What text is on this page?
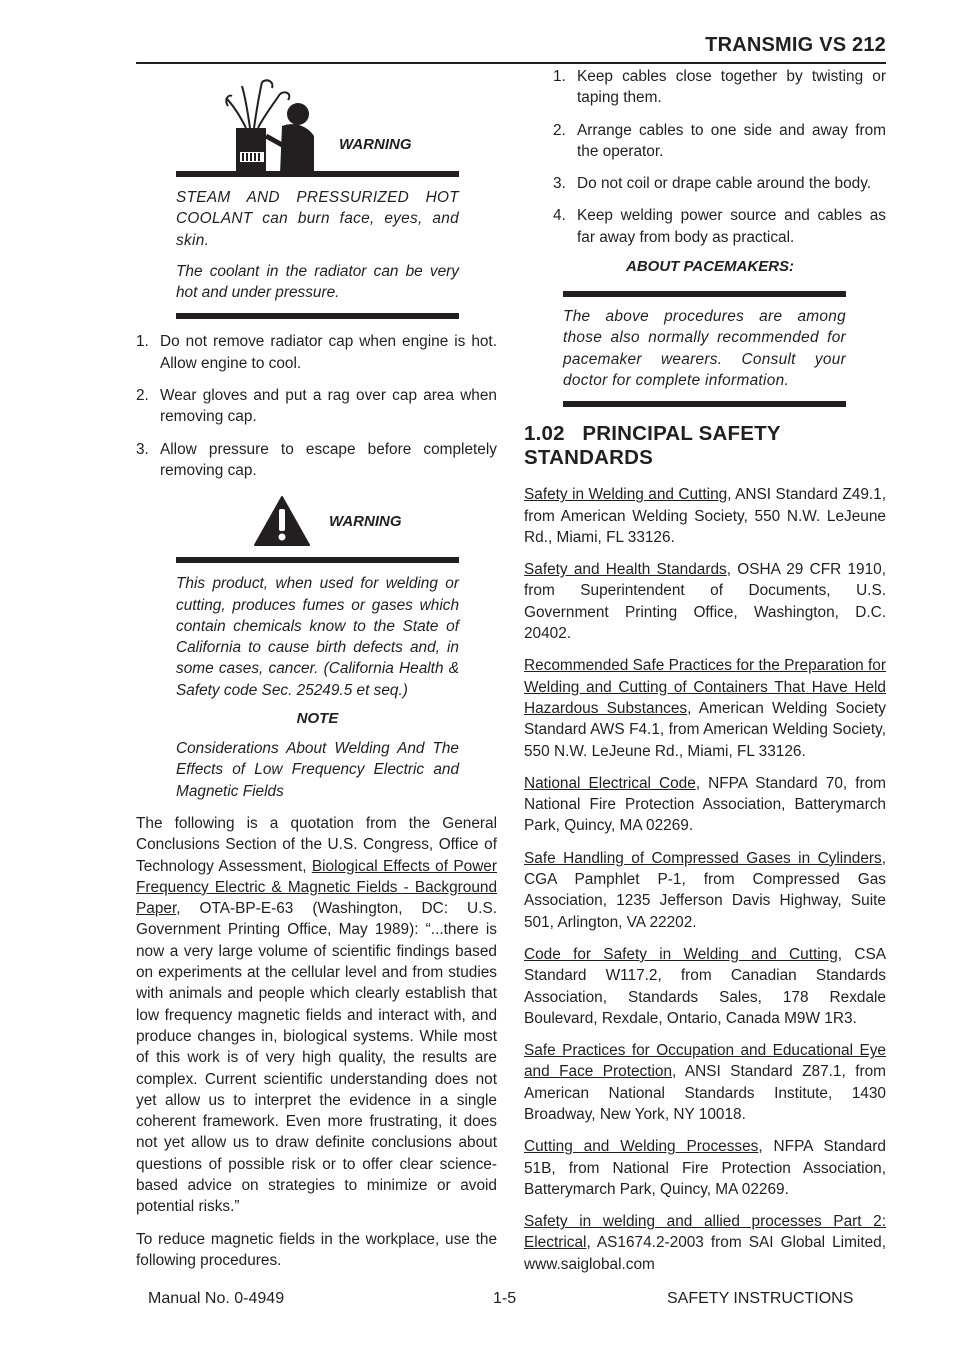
TRANSMIG VS 212
WARNING

STEAM AND PRESSURIZED HOT COOLANT can burn face, eyes, and skin.

The coolant in the radiator can be very hot and under pressure.

1. Do not remove radiator cap when engine is hot. Allow engine to cool.
2. Wear gloves and put a rag over cap area when removing cap.
3. Allow pressure to escape before completely removing cap.
WARNING

This product, when used for welding or cutting, produces fumes or gases which contain chemicals know to the State of California to cause birth defects and, in some cases, cancer. (California Health & Safety code Sec. 25249.5 et seq.)

NOTE

Considerations About Welding And The Effects of Low Frequency Electric and Magnetic Fields

The following is a quotation from the General Conclusions Section of the U.S. Congress, Office of Technology Assessment, Biological Effects of Power Frequency Electric & Magnetic Fields - Background Paper, OTA-BP-E-63 (Washington, DC: U.S. Government Printing Office, May 1989): “...there is now a very large volume of scientific findings based on experiments at the cellular level and from studies with animals and people which clearly establish that low frequency magnetic fields and interact with, and produce changes in, biological systems. While most of this work is of very high quality, the results are complex. Current scientific understanding does not yet allow us to interpret the evidence in a single coherent framework. Even more frustrating, it does not yet allow us to draw definite conclusions about questions of possible risk or to offer clear science-based advice on strategies to minimize or avoid potential risks.”

To reduce magnetic fields in the workplace, use the following procedures.

1. Keep cables close together by twisting or taping them.
2. Arrange cables to one side and away from the operator.
3. Do not coil or drape cable around the body.
4. Keep welding power source and cables as far away from body as practical.
ABOUT PACEMAKERS:

The above procedures are among those also normally recommended for pacemaker wearers. Consult your doctor for complete information.

1.02 PRINCIPAL SAFETY STANDARDS

Safety in Welding and Cutting, ANSI Standard Z49.1, from American Welding Society, 550 N.W. LeJeune Rd., Miami, FL 33126.

Safety and Health Standards, OSHA 29 CFR 1910, from Superintendent of Documents, U.S. Government Printing Office, Washington, D.C. 20402.

Recommended Safe Practices for the Preparation for Welding and Cutting of Containers That Have Held Hazardous Substances, American Welding Society Standard AWS F4.1, from American Welding Society, 550 N.W. LeJeune Rd., Miami, FL 33126.

National Electrical Code, NFPA Standard 70, from National Fire Protection Association, Batterymarch Park, Quincy, MA 02269.

Safe Handling of Compressed Gases in Cylinders, CGA Pamphlet P-1, from Compressed Gas Association, 1235 Jefferson Davis Highway, Suite 501, Arlington, VA 22202.

Code for Safety in Welding and Cutting, CSA Standard W117.2, from Canadian Standards Association, Standards Sales, 178 Rexdale Boulevard, Rexdale, Ontario, Canada M9W 1R3.

Safe Practices for Occupation and Educational Eye and Face Protection, ANSI Standard Z87.1, from American National Standards Institute, 1430 Broadway, New York, NY 10018.

Cutting and Welding Processes, NFPA Standard 51B, from National Fire Protection Association, Batterymarch Park, Quincy, MA 02269.

Safety in welding and allied processes Part 2: Electrical, AS1674.2-2003 from SAI Global Limited, www.saiglobal.com

Manual No. 0-4949	1-5	SAFETY INSTRUCTIONS
